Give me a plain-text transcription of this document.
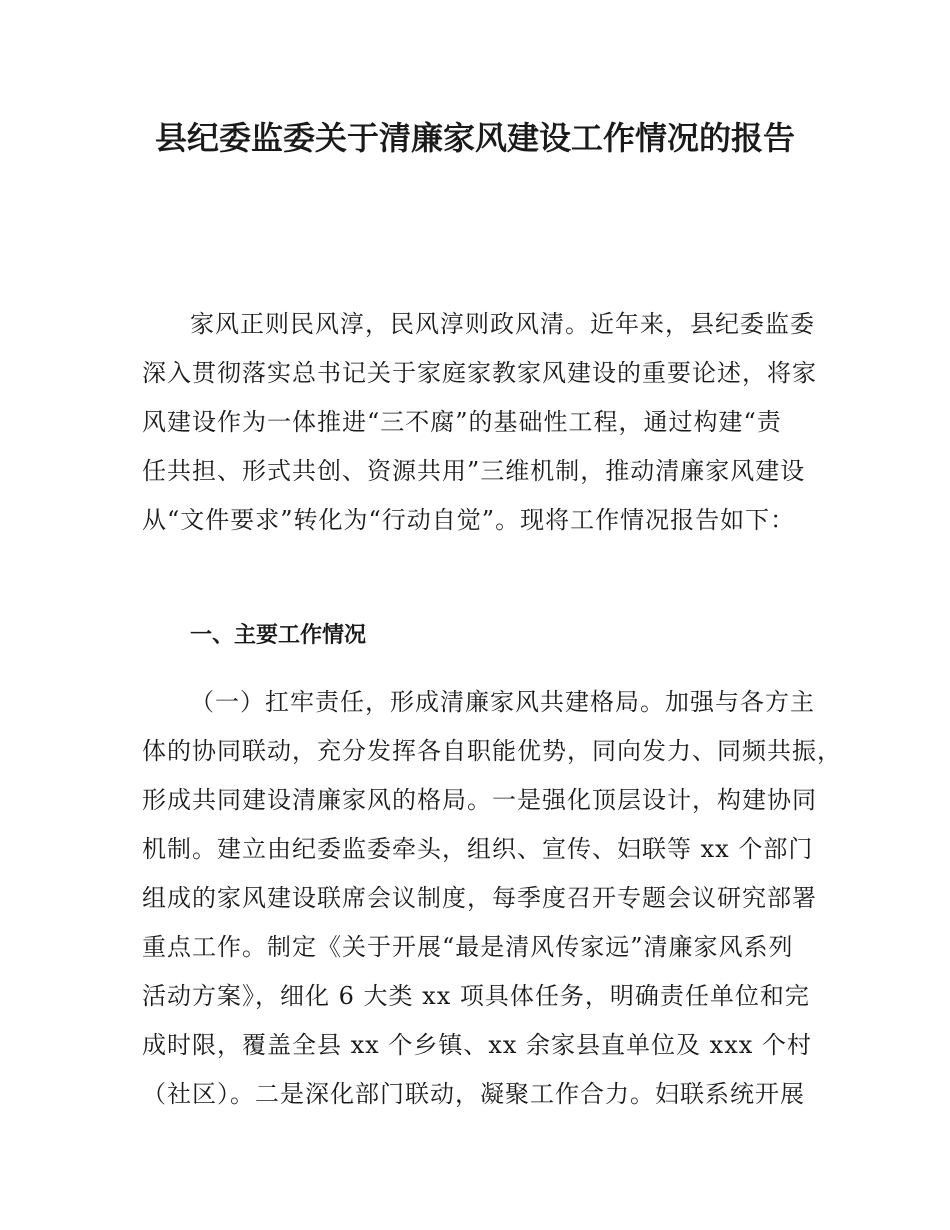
县纪委监委关于清廉家风建设工作情况的报告
家风正则民风淳，民风淳则政风清。近年来，县纪委监委
深入贯彻落实总书记关于家庭家教家风建设的重要论述，将家
风建设作为一体推进“三不腐”的基础性工程，通过构建“责
任共担、形式共创、资源共用”三维机制，推动清廉家风建设
从“文件要求”转化为“行动自觉”。现将工作情况报告如下：
一、主要工作情况
（一）扛牢责任，形成清廉家风共建格局。加强与各方主
体的协同联动，充分发挥各自职能优势，同向发力、同频共振，
形成共同建设清廉家风的格局。一是强化顶层设计，构建协同
机制。建立由纪委监委牵头，组织、宣传、妇联等 xx 个部门
组成的家风建设联席会议制度，每季度召开专题会议研究部署
重点工作。制定《关于开展“最是清风传家远”清廉家风系列
活动方案》，细化 6 大类 xx 项具体任务，明确责任单位和完
成时限，覆盖全县 xx 个乡镇、xx 余家县直单位及 xxx 个村
（社区）。二是深化部门联动，凝聚工作合力。妇联系统开展
